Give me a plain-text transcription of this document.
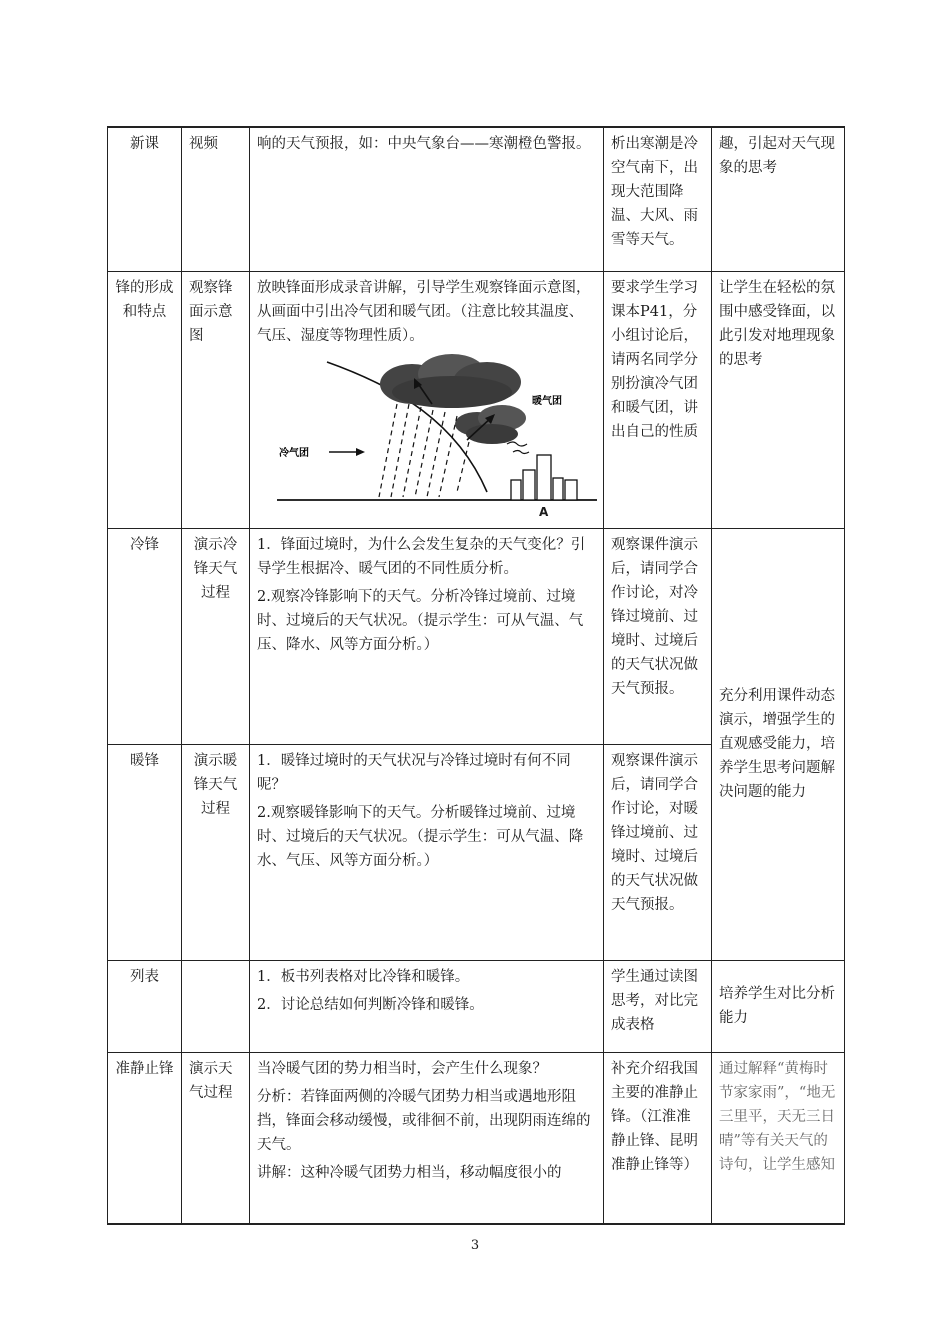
新课	视频	响的天气预报，如：中央气象台——寒潮橙色警报。	析出寒潮是冷空气南下，出现大范围降温、大风、雨雪等天气。	趣，引起对天气现象的思考

锋的形成和特点	观察锋面示意图	放映锋面形成录音讲解，引导学生观察锋面示意图，从画面中引出冷气团和暖气团。（注意比较其温度、气压、湿度等物理性质）。

冷气团
暖气团
A	要求学生学习课本P41，分小组讨论后，请两名同学分别扮演冷气团和暖气团，讲出自己的性质	让学生在轻松的氛围中感受锋面，以此引发对地理现象的思考

冷锋	演示冷锋天气过程	1．锋面过境时，为什么会发生复杂的天气变化？引导学生根据冷、暖气团的不同性质分析。

2.观察冷锋影响下的天气。分析冷锋过境前、过境时、过境后的天气状况。（提示学生：可从气温、气压、降水、风等方面分析。）	观察课件演示后，请同学合作讨论，对冷锋过境前、过境时、过境后的天气状况做天气预报。	充分利用课件动态演示，增强学生的直观感受能力，培养学生思考问题解决问题的能力

暖锋	演示暖锋天气过程	1．暖锋过境时的天气状况与冷锋过境时有何不同呢？

2.观察暖锋影响下的天气。分析暖锋过境前、过境时、过境后的天气状况。（提示学生：可从气温、降水、气压、风等方面分析。）	观察课件演示后，请同学合作讨论，对暖锋过境前、过境时、过境后的天气状况做天气预报。	

列表		1．板书列表格对比冷锋和暖锋。

2．讨论总结如何判断冷锋和暖锋。	学生通过读图思考，对比完成表格	培养学生对比分析能力

准静止锋	演示天气过程	当冷暖气团的势力相当时，会产生什么现象？

分析：若锋面两侧的冷暖气团势力相当或遇地形阻挡，锋面会移动缓慢，或徘徊不前，出现阴雨连绵的天气。

讲解：这种冷暖气团势力相当，移动幅度很小的	补充介绍我国主要的准静止锋。（江淮准静止锋、昆明准静止锋等）	通过解释“黄梅时节家家雨”，“地无三里平，天无三日晴”等有关天气的诗句，让学生感知

3
